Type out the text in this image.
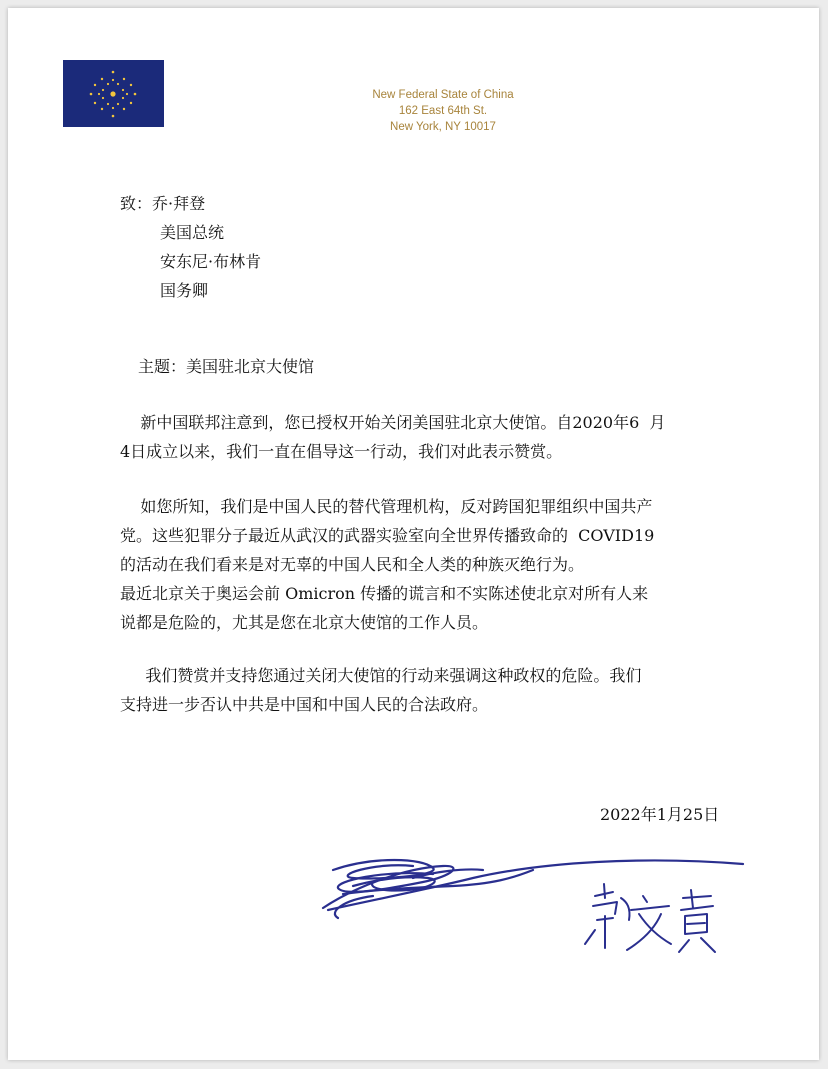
New Federal State of China
162 East 64th St.
New York, NY 10017
致：乔·拜登
美国总统
安东尼·布林肯
国务卿
主题：美国驻北京大使馆
新中国联邦注意到，您已授权开始关闭美国驻北京大使馆。自2020年6  月
4日成立以来，我们一直在倡导这一行动，我们对此表示赞赏。
如您所知，我们是中国人民的替代管理机构，反对跨国犯罪组织中国共产
党。这些犯罪分子最近从武汉的武器实验室向全世界传播致命的  COVID19
的活动在我们看来是对无辜的中国人民和全人类的种族灭绝行为。
最近北京关于奥运会前 Omicron 传播的谎言和不实陈述使北京对所有人来
说都是危险的，尤其是您在北京大使馆的工作人员。
我们赞赏并支持您通过关闭大使馆的行动来强调这种政权的危险。我们
支持进一步否认中共是中国和中国人民的合法政府。
2022年1月25日
